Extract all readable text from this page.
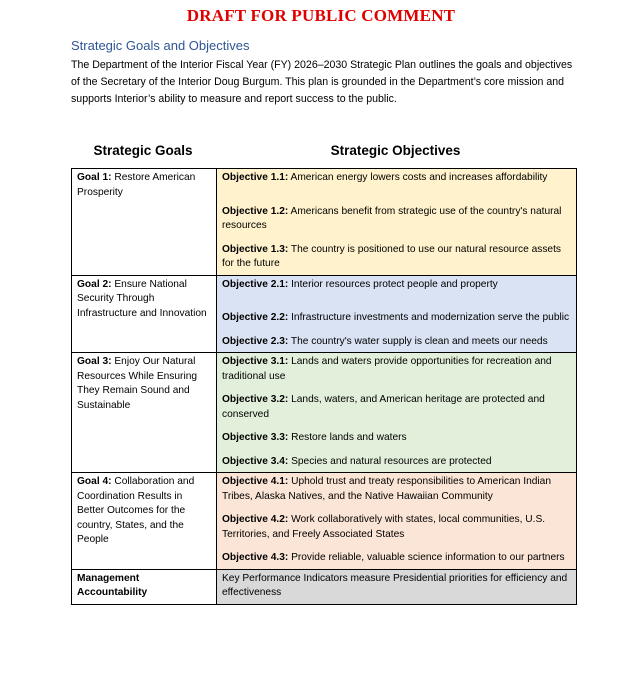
DRAFT FOR PUBLIC COMMENT
Strategic Goals and Objectives
The Department of the Interior Fiscal Year (FY) 2026–2030 Strategic Plan outlines the goals and objectives of the Secretary of the Interior Doug Burgum. This plan is grounded in the Department’s core mission and supports Interior’s ability to measure and report success to the public.
Strategic Goals	Strategic Objectives
Goal 1: Restore American Prosperity	Objective 1.1: American energy lowers costs and increases affordability

Objective 1.2: Americans benefit from strategic use of the country's natural resources

Objective 1.3: The country is positioned to use our natural resource assets for the future

Goal 2: Ensure National Security Through Infrastructure and Innovation	Objective 2.1: Interior resources protect people and property

Objective 2.2: Infrastructure investments and modernization serve the public

Objective 2.3: The country's water supply is clean and meets our needs

Goal 3: Enjoy Our Natural Resources While Ensuring They Remain Sound and Sustainable	Objective 3.1: Lands and waters provide opportunities for recreation and traditional use

Objective 3.2: Lands, waters, and American heritage are protected and conserved

Objective 3.3: Restore lands and waters

Objective 3.4: Species and natural resources are protected

Goal 4: Collaboration and Coordination Results in Better Outcomes for the country, States, and the People	Objective 4.1: Uphold trust and treaty responsibilities to American Indian Tribes, Alaska Natives, and the Native Hawaiian Community

Objective 4.2: Work collaboratively with states, local communities, U.S. Territories, and Freely Associated States

Objective 4.3: Provide reliable, valuable science information to our partners

Management Accountability	Key Performance Indicators measure Presidential priorities for efficiency and effectiveness
